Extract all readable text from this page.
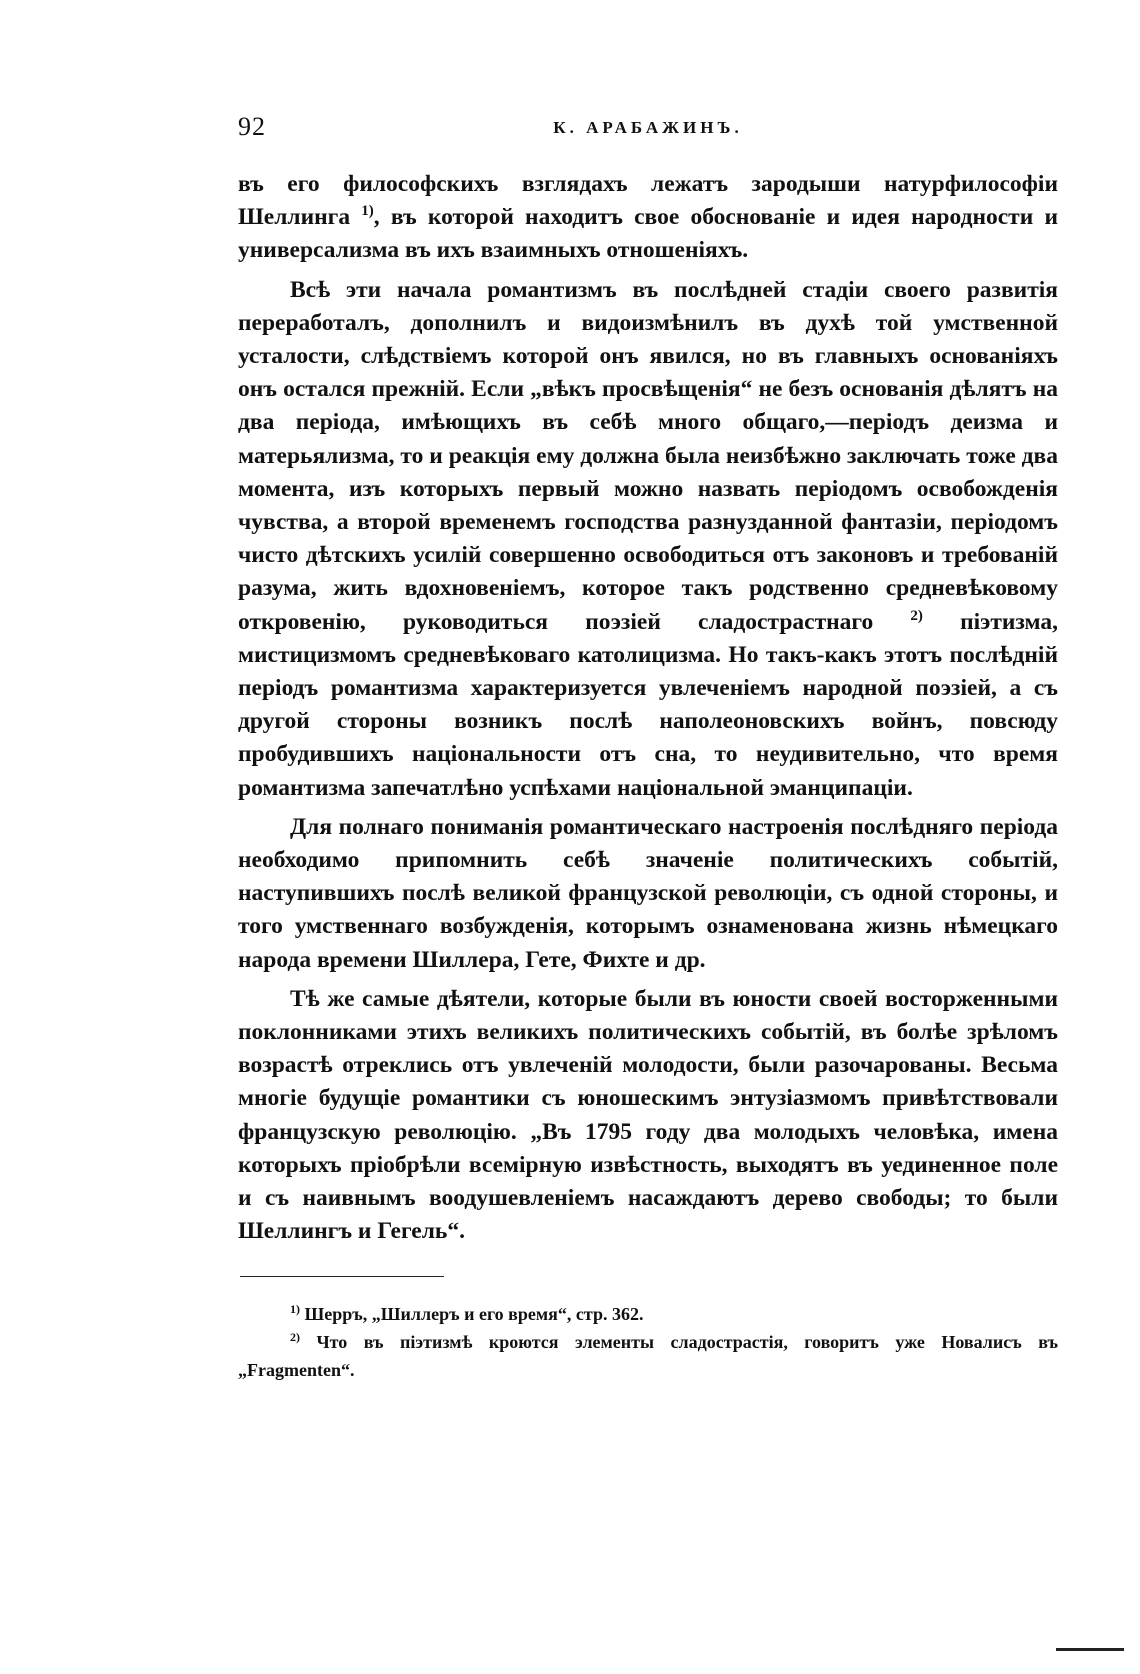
92	К. АРАБАЖИНЪ.

въ его философскихъ взглядахъ лежатъ зародыши натурфилософіи Шеллинга $^{1)}$, въ которой находитъ свое обоснованіе и идея народности и универсализма въ ихъ взаимныхъ отношеніяхъ.

Всѣ эти начала романтизмъ въ послѣдней стадіи своего развитія переработалъ, дополнилъ и видоизмѣнилъ въ духѣ той умственной усталости, слѣдствіемъ которой онъ явился, но въ главныхъ основаніяхъ онъ остался прежній. Если „вѣкъ просвѣщенія“ не безъ основанія дѣлятъ на два періода, имѣющихъ въ себѣ много общаго,—періодъ деизма и матерьялизма, то и реакція ему должна была неизбѣжно заключать тоже два момента, изъ которыхъ первый можно назвать періодомъ освобожденія чувства, а второй временемъ господства разнузданной фантазіи, періодомъ чисто дѣтскихъ усилій совершенно освободиться отъ законовъ и требованій разума, жить вдохновеніемъ, которое такъ родственно средневѣковому откровенію, руководиться поэзіей сладострастнаго $^{2)}$ піэтизма, мистицизмомъ средневѣковаго католицизма. Но такъ-какъ этотъ послѣдній періодъ романтизма характеризуется увлеченіемъ народной поэзіей, а съ другой стороны возникъ послѣ наполеоновскихъ войнъ, повсюду пробудившихъ національности отъ сна, то неудивительно, что время романтизма запечатлѣно успѣхами національной эманципаціи.

Для полнаго пониманія романтическаго настроенія послѣдняго періода необходимо припомнить себѣ значеніе политическихъ событій, наступившихъ послѣ великой французской революціи, съ одной стороны, и того умственнаго возбужденія, которымъ ознаменована жизнь нѣмецкаго народа времени Шиллера, Гете, Фихте и др.

Тѣ же самые дѣятели, которые были въ юности своей восторженными поклонниками этихъ великихъ политическихъ событій, въ болѣе зрѣломъ возрастѣ отреклись отъ увлеченій молодости, были разочарованы. Весьма многіе будущіе романтики съ юношескимъ энтузіазмомъ привѣтствовали французскую революцію. „Въ 1795 году два молодыхъ человѣка, имена которыхъ пріобрѣли всемірную извѣстность, выходятъ въ уединенное поле и съ наивнымъ воодушевленіемъ насаждаютъ дерево свободы; то были Шеллингъ и Гегель“.

$^{1)}$ Шерръ, „Шиллеръ и его время“, стр. 362.

$^{2)}$ Что въ піэтизмѣ кроются элементы сладострастія, говоритъ уже Новалисъ въ „Fragmenten“.
